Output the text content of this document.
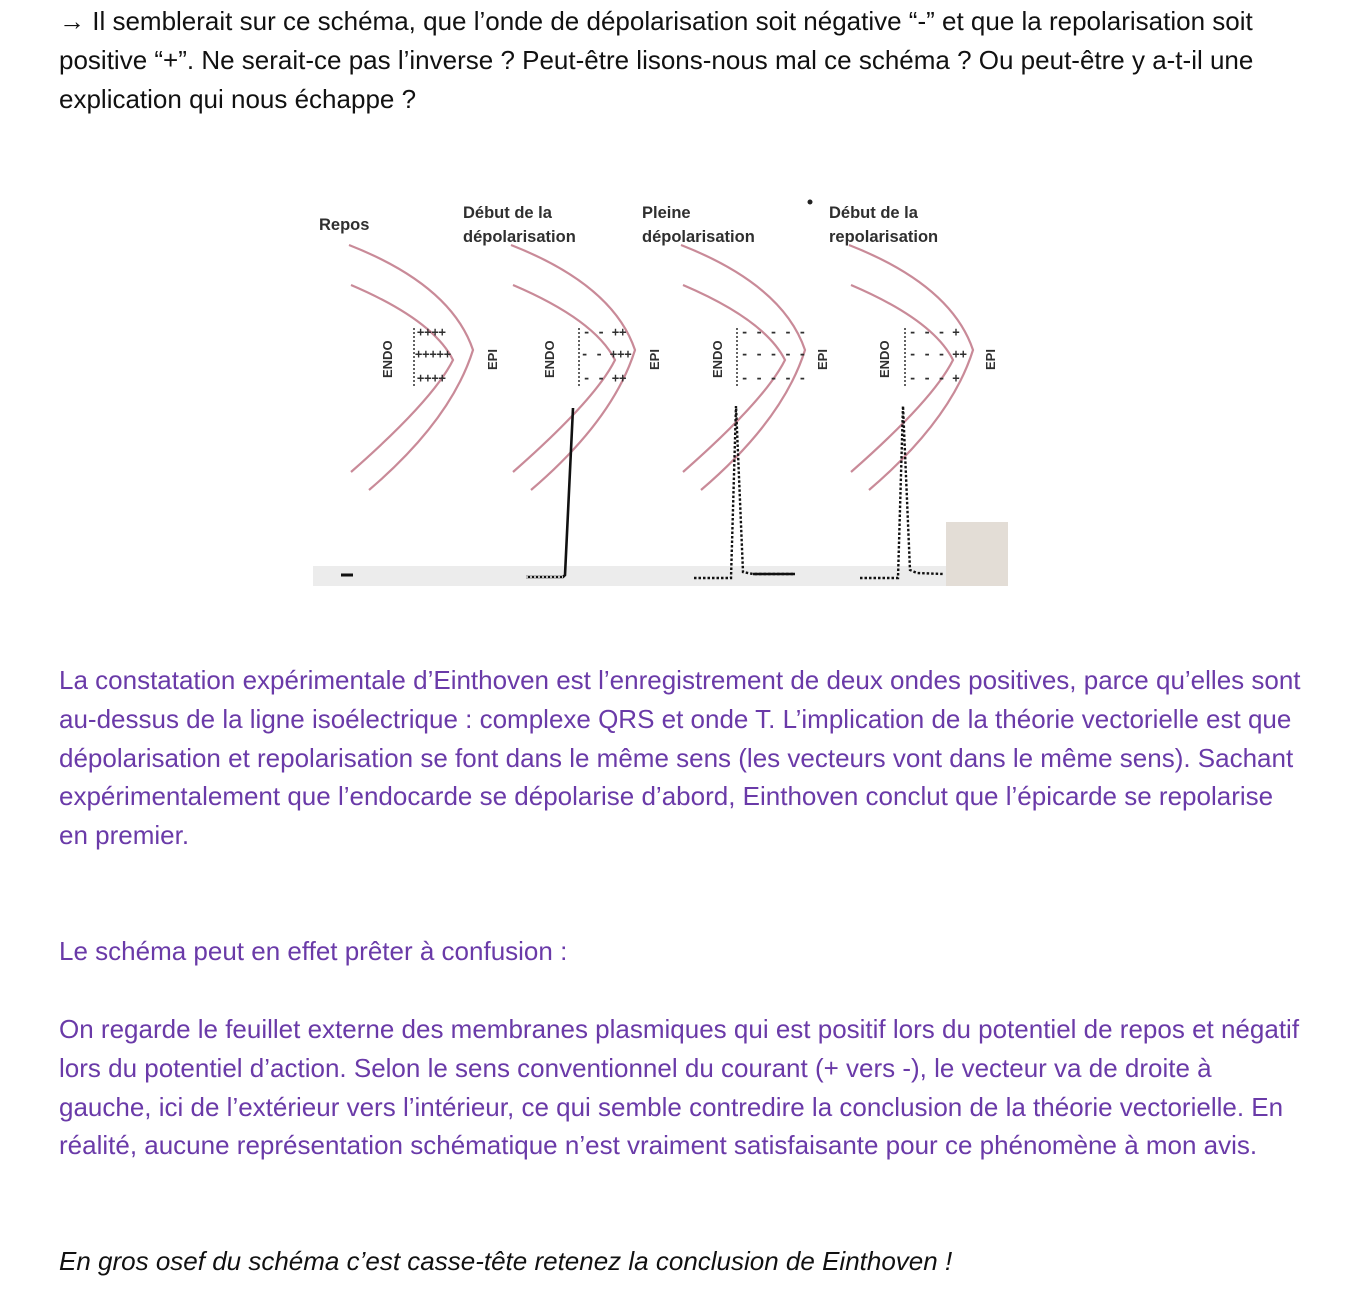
→ Il semblerait sur ce schéma, que l’onde de dépolarisation soit négative “-” et que la repolarisation soit positive “+”. Ne serait-ce pas l’inverse ? Peut-être lisons-nous mal ce schéma ? Ou peut-être y a-t-il une explication qui nous échappe ?

Repos
ENDO	EPI
++++
+++++
++++
Début de la
dépolarisation
ENDO	EPI
- - ++
- - +++
- - ++
Pleine
dépolarisation
ENDO	EPI
- - - - -
- - - - -
- - - - -
Début de la
repolarisation
ENDO	EPI
- - - +
- - - ++
- - - +

La constatation expérimentale d’Einthoven est l’enregistrement de deux ondes positives, parce qu’elles sont au-dessus de la ligne isoélectrique : complexe QRS et onde T. L’implication de la théorie vectorielle est que dépolarisation et repolarisation se font dans le même sens (les vecteurs vont dans le même sens). Sachant expérimentalement que l’endocarde se dépolarise d’abord, Einthoven conclut que l’épicarde se repolarise en premier.

Le schéma peut en effet prêter à confusion :

On regarde le feuillet externe des membranes plasmiques qui est positif lors du potentiel de repos et négatif lors du potentiel d’action. Selon le sens conventionnel du courant (+ vers -), le vecteur va de droite à gauche, ici de l’extérieur vers l’intérieur, ce qui semble contredire la conclusion de la théorie vectorielle. En réalité, aucune représentation schématique n’est vraiment satisfaisante pour ce phénomène à mon avis.

En gros osef du schéma c’est casse-tête retenez la conclusion de Einthoven !
